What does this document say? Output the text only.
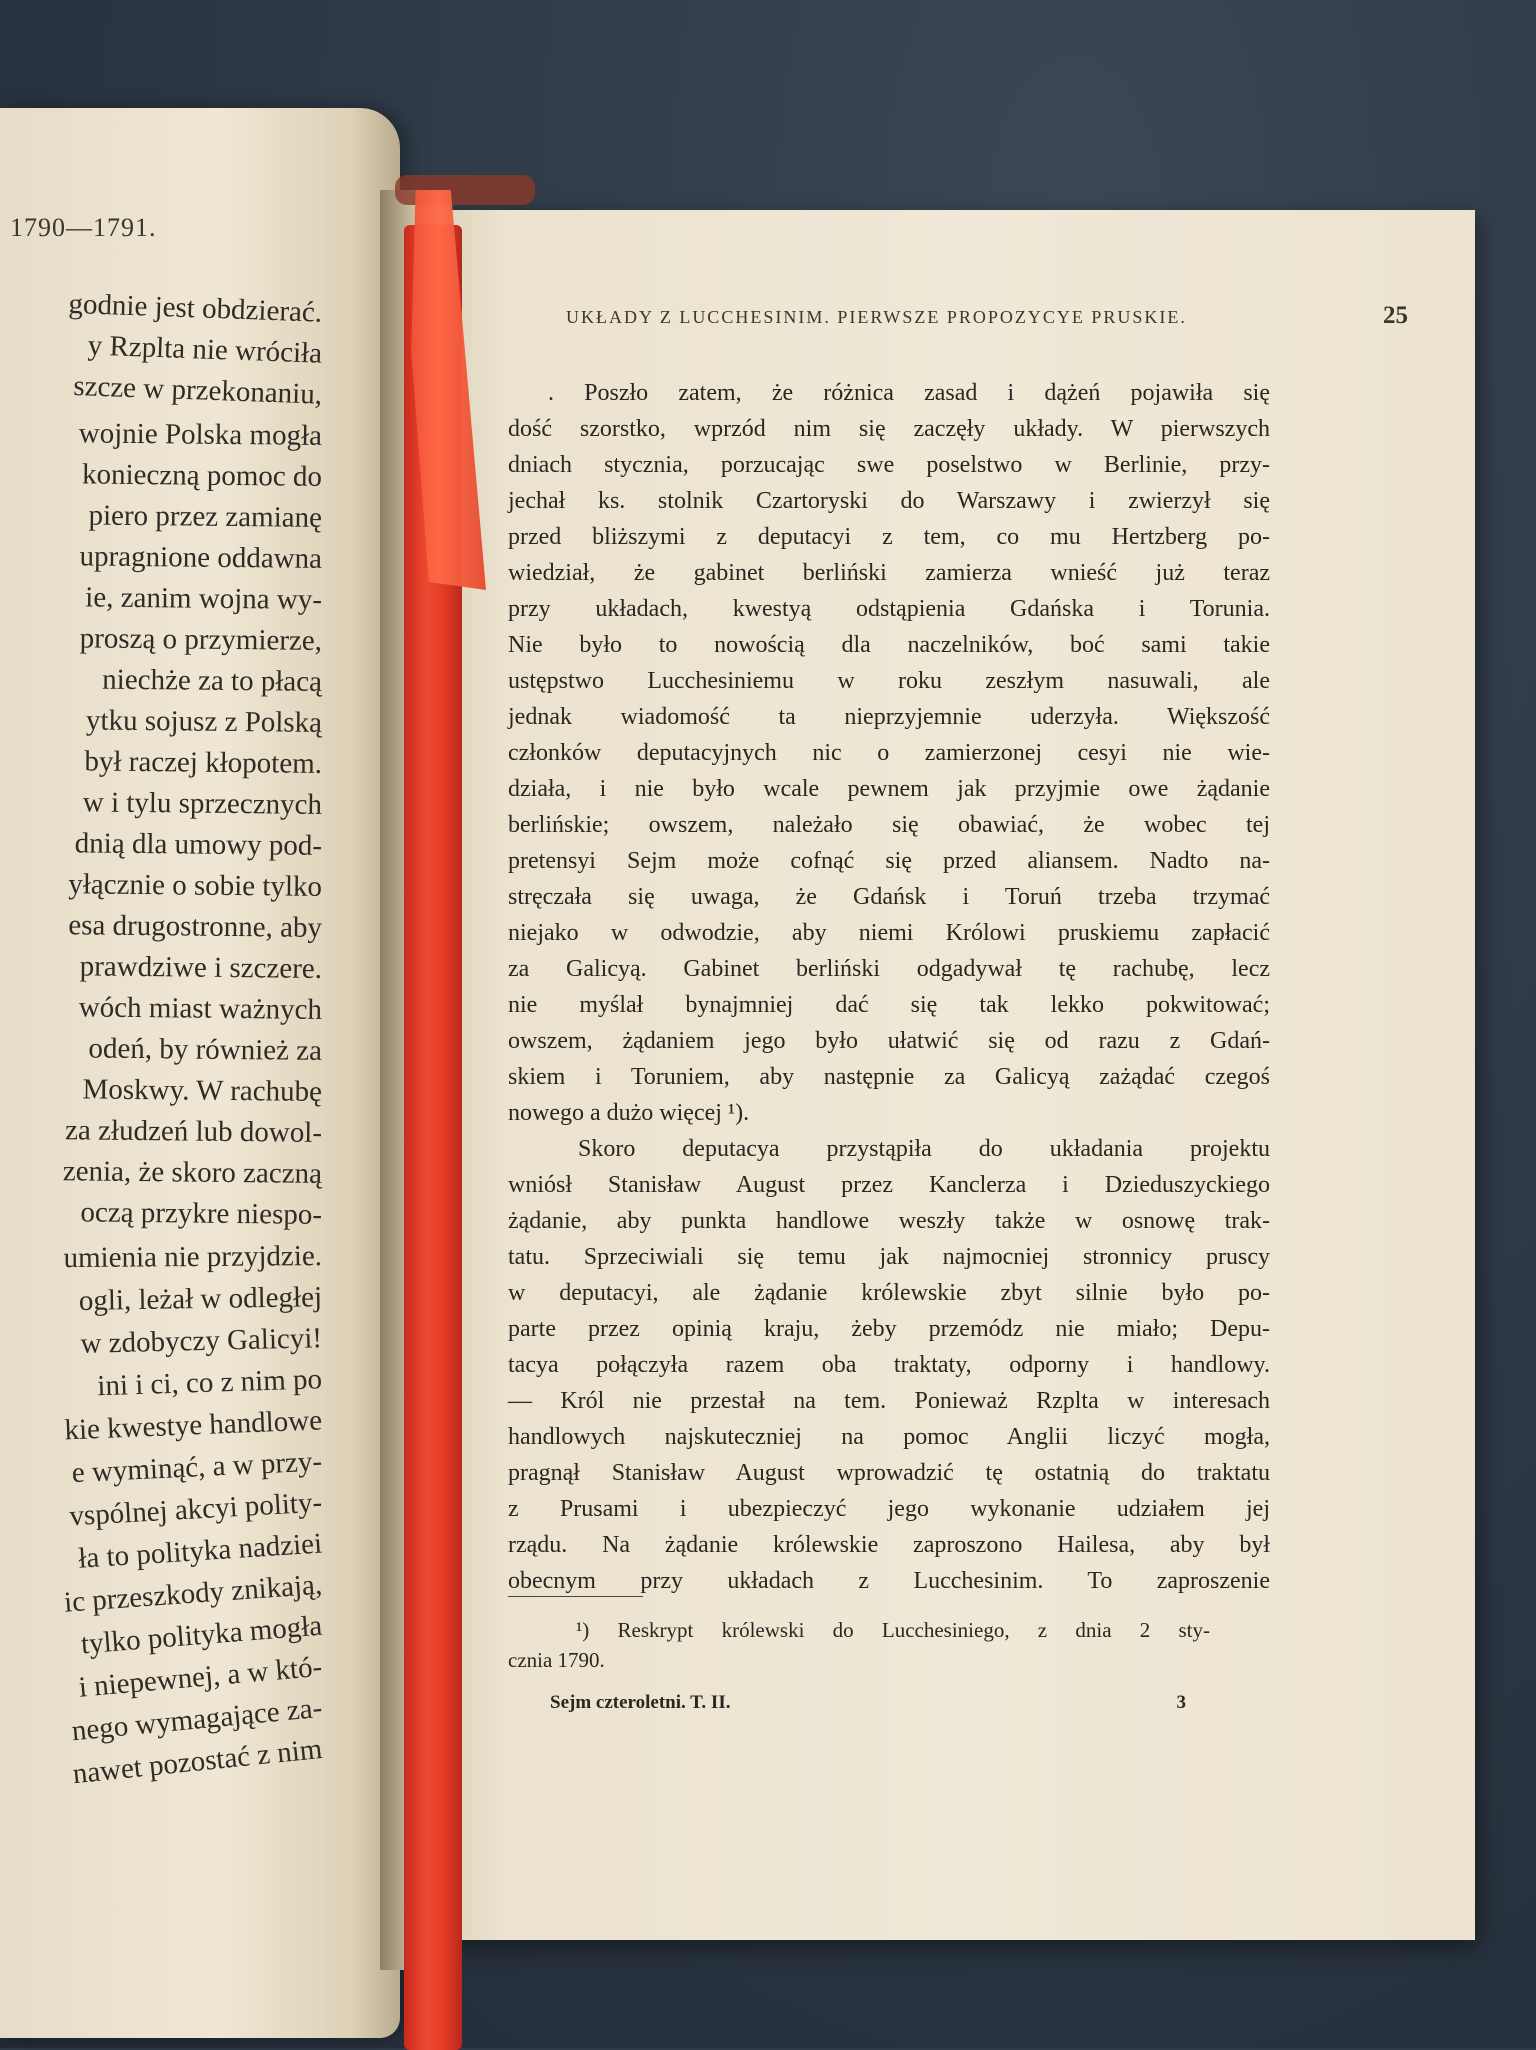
1790—1791.
godnie jest obdzierać.
y Rzplta nie wróciła
szcze w przekonaniu,
wojnie Polska mogła
konieczną pomoc do
piero przez zamianę
upragnione oddawna
ie, zanim wojna wy-
proszą o przymierze,
niechże za to płacą
ytku sojusz z Polską
był raczej kłopotem.
w i tylu sprzecznych
dnią dla umowy pod-
yłącznie o sobie tylko
esa drugostronne, aby
prawdziwe i szczere.
wóch miast ważnych
odeń, by również za
Moskwy. W rachubę
za złudzeń lub dowol-
zenia, że skoro zaczną
oczą przykre niespo-
umienia nie przyjdzie.
ogli, leżał w odległej
w zdobyczy Galicyi!
ini i ci, co z nim po
kie kwestye handlowe
e wyminąć, a w przy-
vspólnej akcyi polity-
ła to polityka nadziei
ic przeszkody znikają,
tylko polityka mogła
i niepewnej, a w któ-
nego wymagające za-
nawet pozostać z nim
UKŁADY Z LUCCHESINIM. PIERWSZE PROPOZYCYE PRUSKIE.	25
. Poszło zatem, że różnica zasad i dążeń pojawiła się
dość szorstko, wprzód nim się zaczęły układy. W pierwszych
dniach stycznia, porzucając swe poselstwo w Berlinie, przy-
jechał ks. stolnik Czartoryski do Warszawy i zwierzył się
przed bliższymi z deputacyi z tem, co mu Hertzberg po-
wiedział, że gabinet berliński zamierza wnieść już teraz
przy układach, kwestyą odstąpienia Gdańska i Torunia.
Nie było to nowością dla naczelników, boć sami takie
ustępstwo Lucchesiniemu w roku zeszłym nasuwali, ale
jednak wiadomość ta nieprzyjemnie uderzyła. Większość
członków deputacyjnych nic o zamierzonej cesyi nie wie-
działa, i nie było wcale pewnem jak przyjmie owe żądanie
berlińskie; owszem, należało się obawiać, że wobec tej
pretensyi Sejm może cofnąć się przed aliansem. Nadto na-
stręczała się uwaga, że Gdańsk i Toruń trzeba trzymać
niejako w odwodzie, aby niemi Królowi pruskiemu zapłacić
za Galicyą. Gabinet berliński odgadywał tę rachubę, lecz
nie myślał bynajmniej dać się tak lekko pokwitować;
owszem, żądaniem jego było ułatwić się od razu z Gdań-
skiem i Toruniem, aby następnie za Galicyą zażądać czegoś
nowego a dużo więcej ¹).
Skoro deputacya przystąpiła do układania projektu
wniósł Stanisław August przez Kanclerza i Dzieduszyckiego
żądanie, aby punkta handlowe weszły także w osnowę trak-
tatu. Sprzeciwiali się temu jak najmocniej stronnicy pruscy
w deputacyi, ale żądanie królewskie zbyt silnie było po-
parte przez opinią kraju, żeby przemódz nie miało; Depu-
tacya połączyła razem oba traktaty, odporny i handlowy.
— Król nie przestał na tem. Ponieważ Rzplta w interesach
handlowych najskuteczniej na pomoc Anglii liczyć mogła,
pragnął Stanisław August wprowadzić tę ostatnią do traktatu
z Prusami i ubezpieczyć jego wykonanie udziałem jej
rządu. Na żądanie królewskie zaproszono Hailesa, aby był
obecnym przy układach z Lucchesinim. To zaproszenie
¹) Reskrypt królewski do Lucchesiniego, z dnia 2 sty-
cznia 1790.
Sejm czteroletni. T. II.	3
